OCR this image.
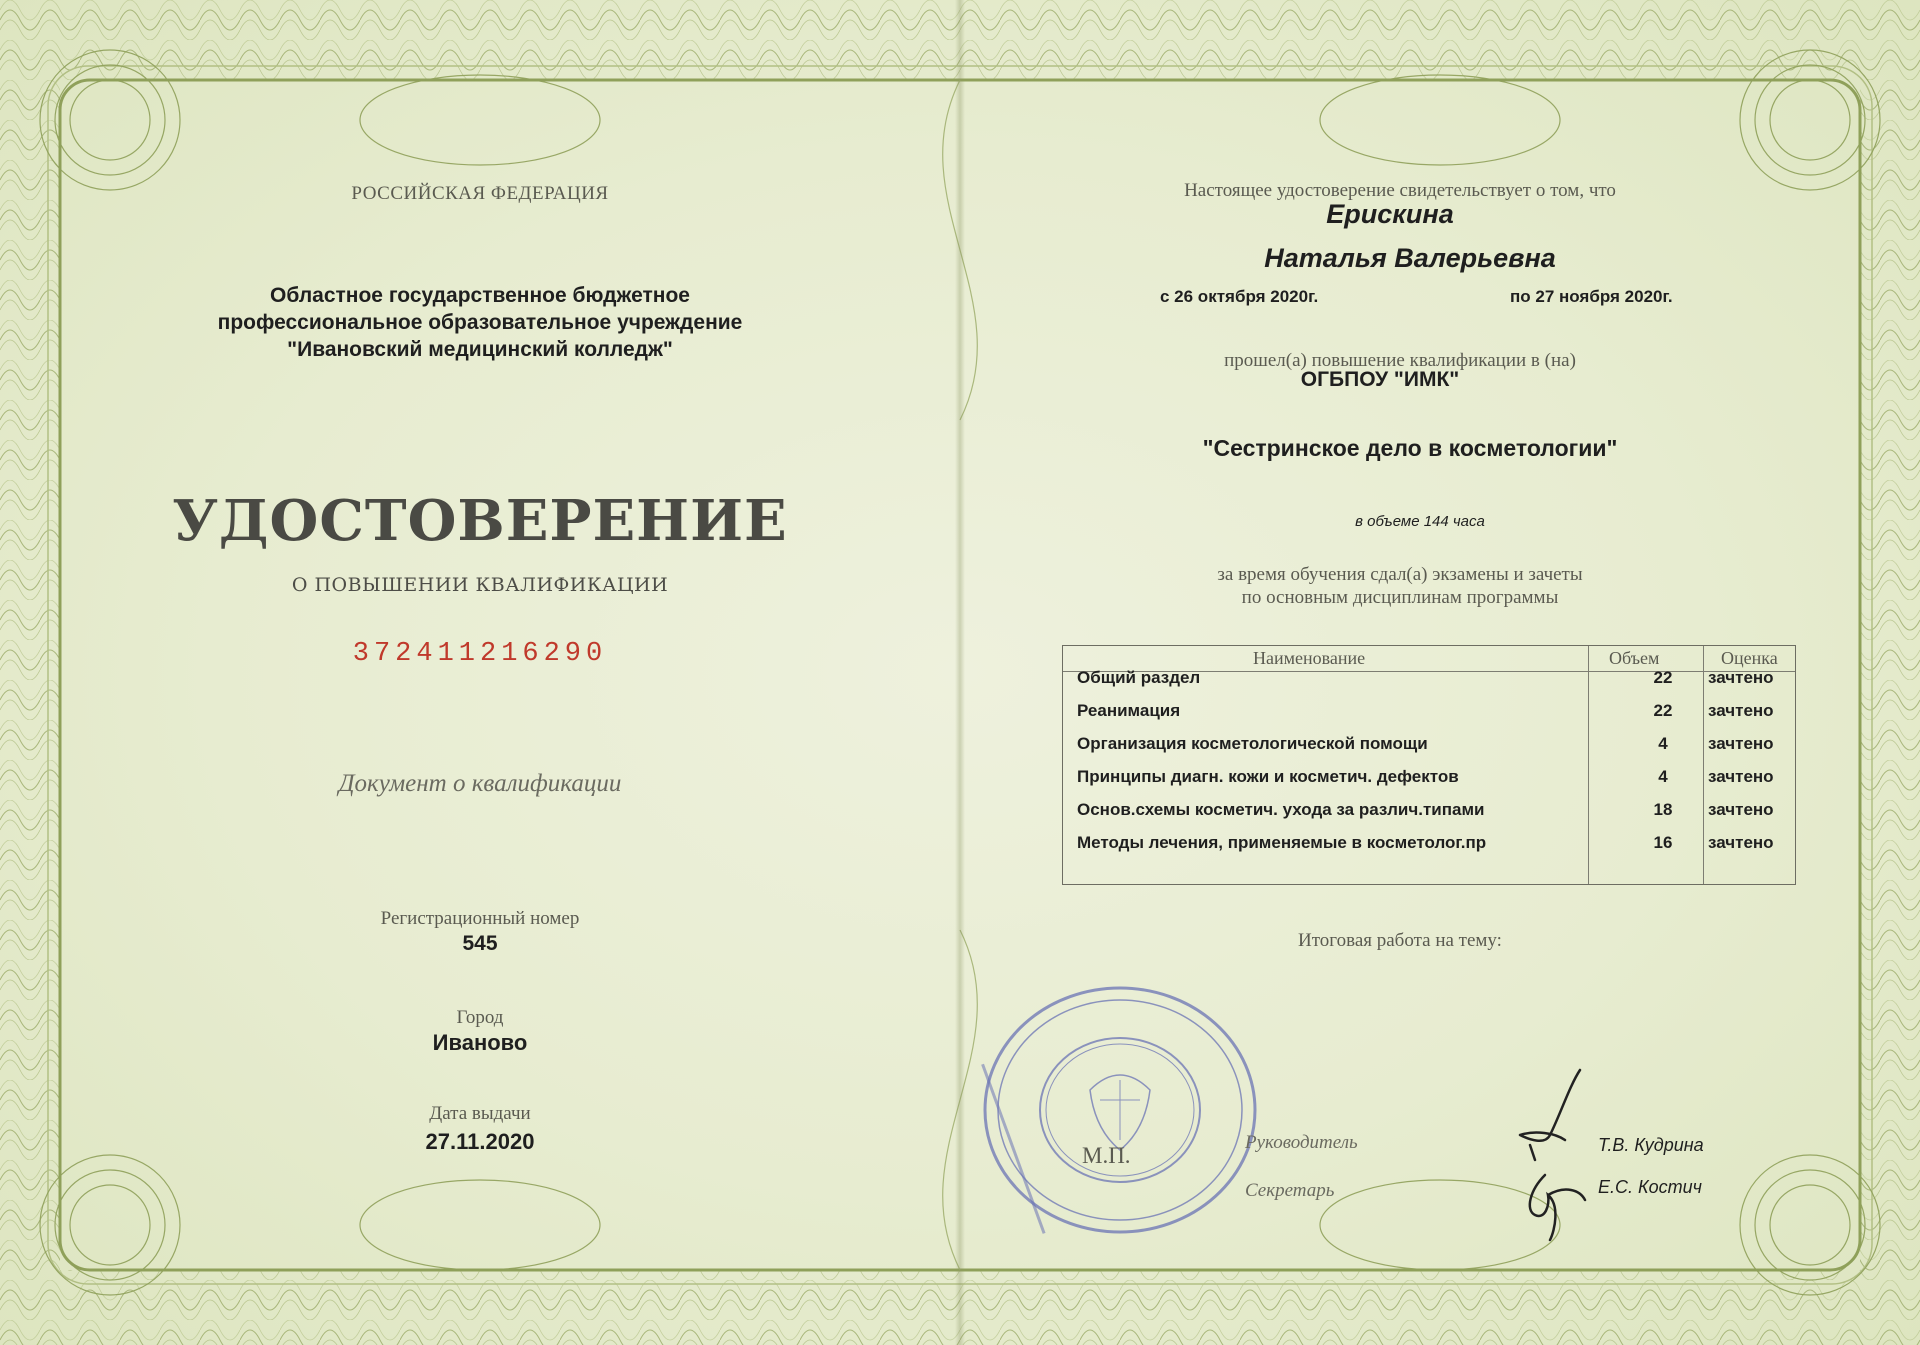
РОССИЙСКАЯ ФЕДЕРАЦИЯ
Областное государственное бюджетное
профессиональное образовательное учреждение
"Ивановский медицинский колледж"
УДОСТОВЕРЕНИЕ
О ПОВЫШЕНИИ КВАЛИФИКАЦИИ
372411216290
Документ о квалификации
Регистрационный номер
545
Город
Иваново
Дата выдачи
27.11.2020
Настоящее удостоверение свидетельствует о том, что
Ерискина
Наталья Валерьевна
с 26 октября 2020г.	по 27 ноября 2020г.
прошел(а) повышение квалификации в (на)
ОГБПОУ "ИМК"
"Сестринское дело в косметологии"
в объеме 144 часа
за время обучения сдал(а) экзамены и зачеты
по основным дисциплинам программы
Наименование	Объем	Оценка
Общий раздел	22	зачтено
Реанимация	22	зачтено
Организация косметологической помощи	4	зачтено
Принципы диагн. кожи и косметич. дефектов	4	зачтено
Основ.схемы косметич. ухода за различ.типами	18	зачтено
Методы лечения, применяемые в косметолог.пр	16	зачтено
Итоговая работа на тему:
М.П.
Руководитель
Секретарь
Т.В. Кудрина
Е.С. Костич
